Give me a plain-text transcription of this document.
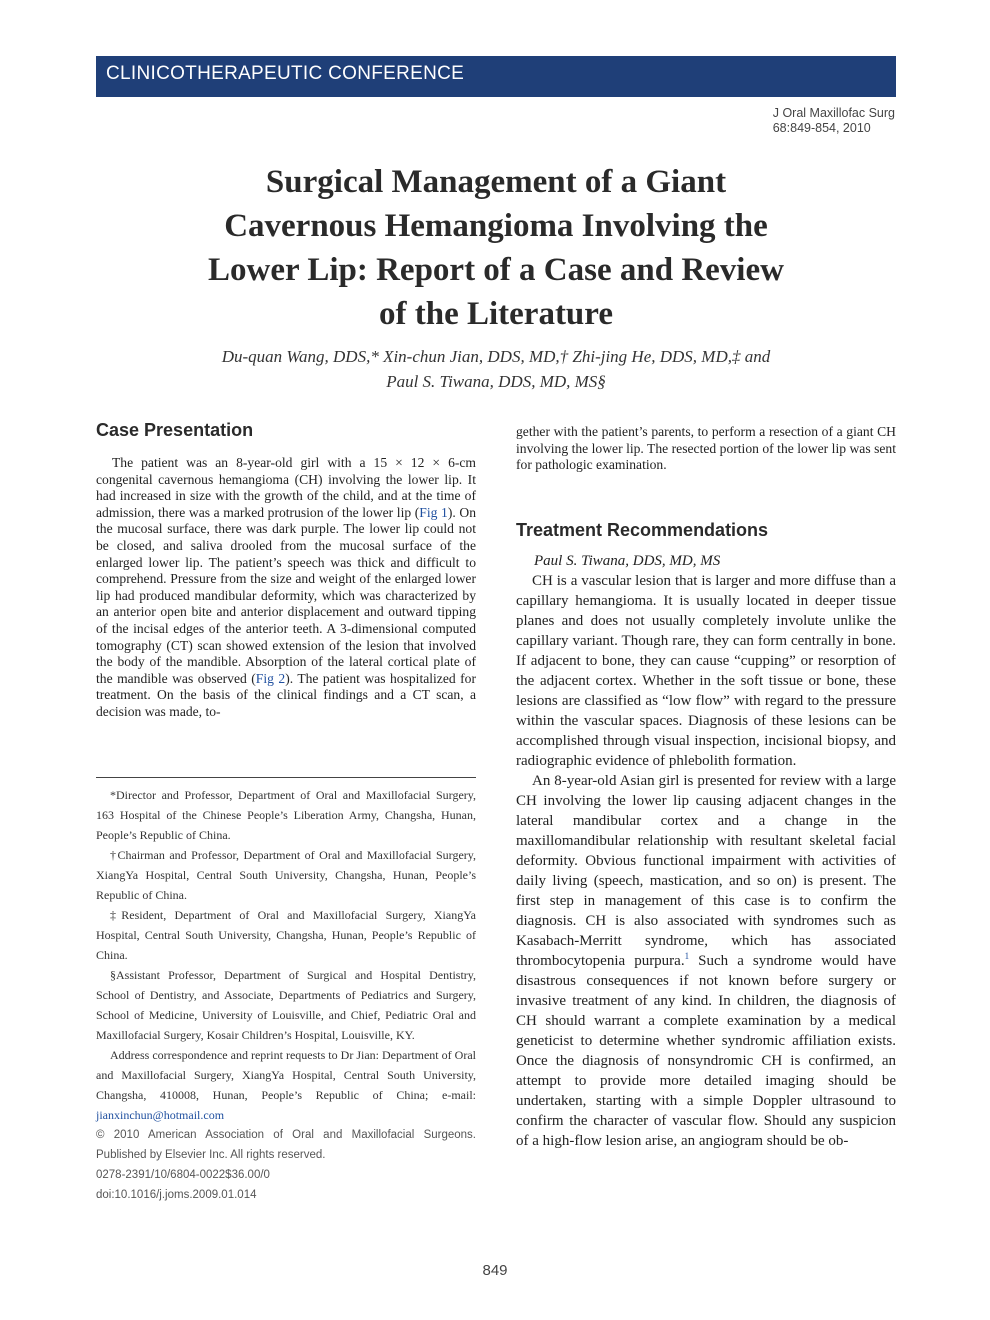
CLINICOTHERAPEUTIC CONFERENCE
J Oral Maxillofac Surg
68:849-854, 2010
Surgical Management of a Giant
Cavernous Hemangioma Involving the
Lower Lip: Report of a Case and Review
of the Literature
Du-quan Wang, DDS,* Xin-chun Jian, DDS, MD,† Zhi-jing He, DDS, MD,‡ and
Paul S. Tiwana, DDS, MD, MS§
Case Presentation

The patient was an 8-year-old girl with a 15 × 12 × 6-cm congenital cavernous hemangioma (CH) involving the lower lip. It had increased in size with the growth of the child, and at the time of admission, there was a marked protrusion of the lower lip (Fig 1). On the mucosal surface, there was dark purple. The lower lip could not be closed, and saliva drooled from the mucosal surface of the enlarged lower lip. The patient’s speech was thick and difficult to comprehend. Pressure from the size and weight of the enlarged lower lip had produced mandibular deformity, which was characterized by an anterior open bite and anterior displacement and outward tipping of the incisal edges of the anterior teeth. A 3-dimensional computed tomography (CT) scan showed extension of the lesion that involved the body of the mandible. Absorption of the lateral cortical plate of the mandible was observed (Fig 2). The patient was hospitalized for treatment. On the basis of the clinical findings and a CT scan, a decision was made, to-

*Director and Professor, Department of Oral and Maxillofacial Surgery, 163 Hospital of the Chinese People’s Liberation Army, Changsha, Hunan, People’s Republic of China.

†Chairman and Professor, Department of Oral and Maxillofacial Surgery, XiangYa Hospital, Central South University, Changsha, Hunan, People’s Republic of China.

‡Resident, Department of Oral and Maxillofacial Surgery, XiangYa Hospital, Central South University, Changsha, Hunan, People’s Republic of China.

§Assistant Professor, Department of Surgical and Hospital Dentistry, School of Dentistry, and Associate, Departments of Pediatrics and Surgery, School of Medicine, University of Louisville, and Chief, Pediatric Oral and Maxillofacial Surgery, Kosair Children’s Hospital, Louisville, KY.

Address correspondence and reprint requests to Dr Jian: Department of Oral and Maxillofacial Surgery, XiangYa Hospital, Central South University, Changsha, 410008, Hunan, People’s Republic of China; e-mail: jianxinchun@hotmail.com

© 2010 American Association of Oral and Maxillofacial Surgeons. Published by Elsevier Inc. All rights reserved.

0278-2391/10/6804-0022$36.00/0

doi:10.1016/j.joms.2009.01.014

gether with the patient’s parents, to perform a resection of a giant CH involving the lower lip. The resected portion of the lower lip was sent for pathologic examination.

Treatment Recommendations
Paul S. Tiwana, DDS, MD, MS

CH is a vascular lesion that is larger and more diffuse than a capillary hemangioma. It is usually located in deeper tissue planes and does not usually completely involute unlike the capillary variant. Though rare, they can form centrally in bone. If adjacent to bone, they can cause “cupping” or resorption of the adjacent cortex. Whether in the soft tissue or bone, these lesions are classified as “low flow” with regard to the pressure within the vascular spaces. Diagnosis of these lesions can be accomplished through visual inspection, incisional biopsy, and radiographic evidence of phlebolith formation.

An 8-year-old Asian girl is presented for review with a large CH involving the lower lip causing adjacent changes in the lateral mandibular cortex and a change in the maxillomandibular relationship with resultant skeletal facial deformity. Obvious functional impairment with activities of daily living (speech, mastication, and so on) is present. The first step in management of this case is to confirm the diagnosis. CH is also associated with syndromes such as Kasabach-Merritt syndrome, which has associated thrombocytopenia purpura.$^1$ Such a syndrome would have disastrous consequences if not known before surgery or invasive treatment of any kind. In children, the diagnosis of CH should warrant a complete examination by a medical geneticist to determine whether syndromic affiliation exists. Once the diagnosis of nonsyndromic CH is confirmed, an attempt to provide more detailed imaging should be undertaken, starting with a simple Doppler ultrasound to confirm the character of vascular flow. Should any suspicion of a high-flow lesion arise, an angiogram should be ob-

849
